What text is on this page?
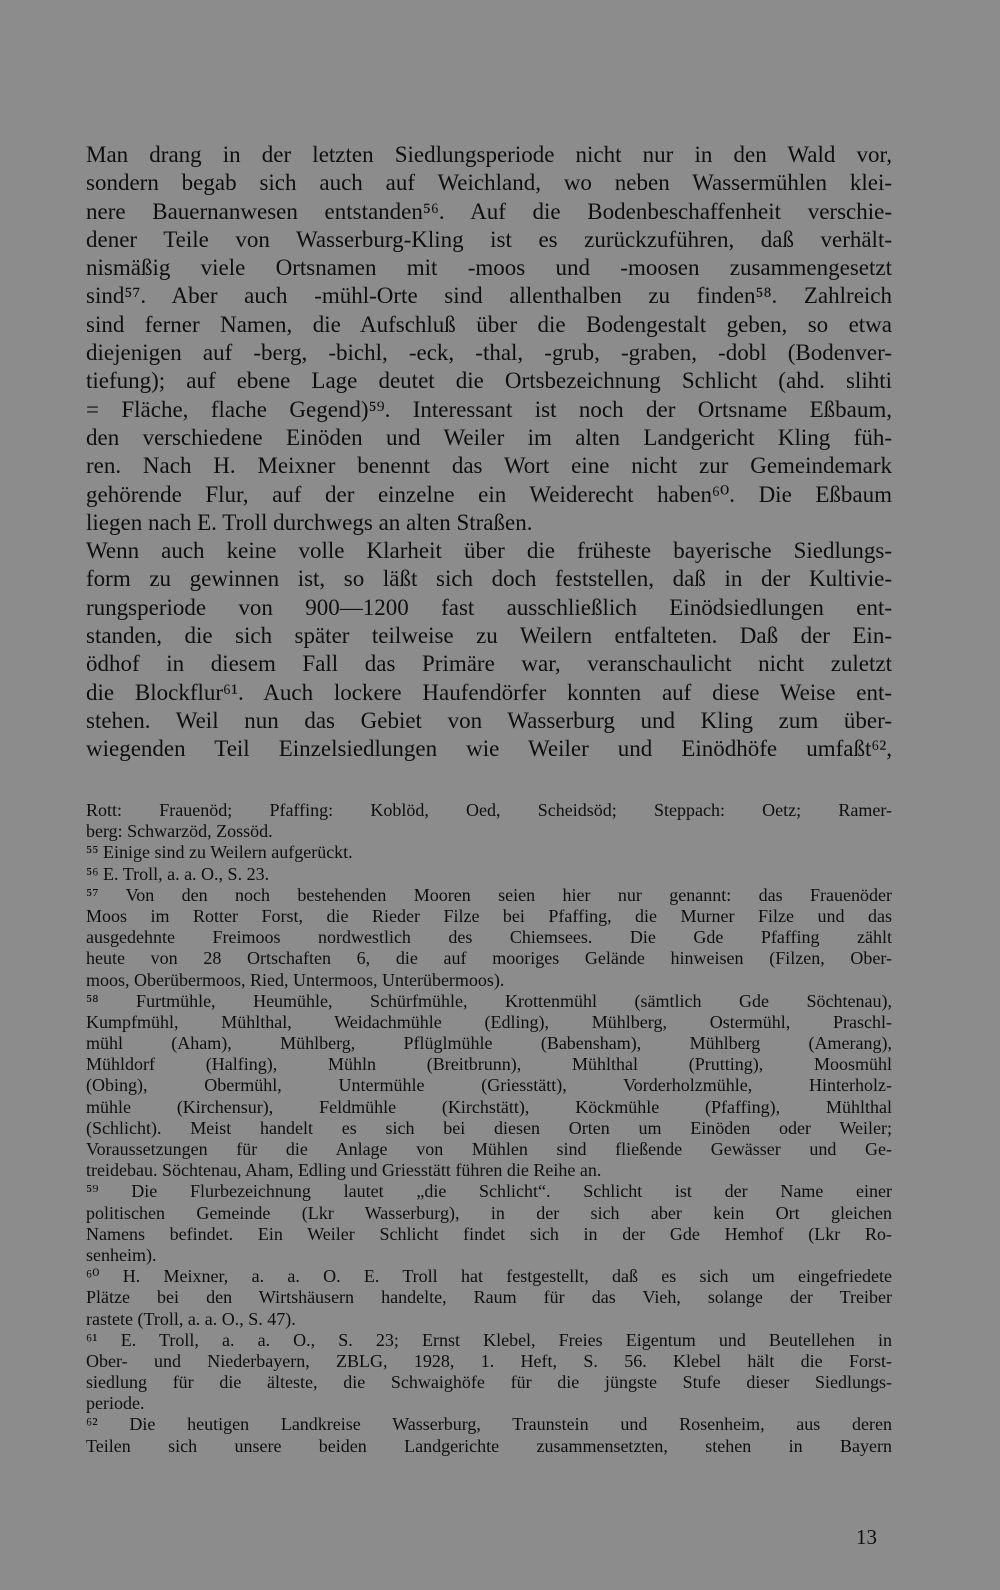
Man drang in der letzten Siedlungsperiode nicht nur in den Wald vor,
sondern begab sich auch auf Weichland, wo neben Wassermühlen klei-
nere Bauernanwesen entstanden⁵⁶. Auf die Bodenbeschaffenheit verschie-
dener Teile von Wasserburg-Kling ist es zurückzuführen, daß verhält-
nismäßig viele Ortsnamen mit -moos und -moosen zusammengesetzt
sind⁵⁷. Aber auch -mühl-Orte sind allenthalben zu finden⁵⁸. Zahlreich
sind ferner Namen, die Aufschluß über die Bodengestalt geben, so etwa
diejenigen auf -berg, -bichl, -eck, -thal, -grub, -graben, -dobl (Bodenver-
tiefung); auf ebene Lage deutet die Ortsbezeichnung Schlicht (ahd. slihti
= Fläche, flache Gegend)⁵⁹. Interessant ist noch der Ortsname Eßbaum,
den verschiedene Einöden und Weiler im alten Landgericht Kling füh-
ren. Nach H. Meixner benennt das Wort eine nicht zur Gemeindemark
gehörende Flur, auf der einzelne ein Weiderecht haben⁶⁰. Die Eßbaum
liegen nach E. Troll durchwegs an alten Straßen.
Wenn auch keine volle Klarheit über die früheste bayerische Siedlungs-
form zu gewinnen ist, so läßt sich doch feststellen, daß in der Kultivie-
rungsperiode von 900—1200 fast ausschließlich Einödsiedlungen ent-
standen, die sich später teilweise zu Weilern entfalteten. Daß der Ein-
ödhof in diesem Fall das Primäre war, veranschaulicht nicht zuletzt
die Blockflur⁶¹. Auch lockere Haufendörfer konnten auf diese Weise ent-
stehen. Weil nun das Gebiet von Wasserburg und Kling zum über-
wiegenden Teil Einzelsiedlungen wie Weiler und Einödhöfe umfaßt⁶²,
Rott: Frauenöd; Pfaffing: Koblöd, Oed, Scheidsöd; Steppach: Oetz; Ramer-
berg: Schwarzöd, Zossöd.
⁵⁵ Einige sind zu Weilern aufgerückt.
⁵⁶ E. Troll, a. a. O., S. 23.
⁵⁷ Von den noch bestehenden Mooren seien hier nur genannt: das Frauenöder
Moos im Rotter Forst, die Rieder Filze bei Pfaffing, die Murner Filze und das
ausgedehnte Freimoos nordwestlich des Chiemsees. Die Gde Pfaffing zählt
heute von 28 Ortschaften 6, die auf mooriges Gelände hinweisen (Filzen, Ober-
moos, Oberübermoos, Ried, Untermoos, Unterübermoos).
⁵⁸ Furtmühle, Heumühle, Schürfmühle, Krottenmühl (sämtlich Gde Söchtenau),
Kumpfmühl, Mühlthal, Weidachmühle (Edling), Mühlberg, Ostermühl, Praschl-
mühl (Aham), Mühlberg, Pflüglmühle (Babensham), Mühlberg (Amerang),
Mühldorf (Halfing), Mühln (Breitbrunn), Mühlthal (Prutting), Moosmühl
(Obing), Obermühl, Untermühle (Griesstätt), Vorderholzmühle, Hinterholz-
mühle (Kirchensur), Feldmühle (Kirchstätt), Köckmühle (Pfaffing), Mühlthal
(Schlicht). Meist handelt es sich bei diesen Orten um Einöden oder Weiler;
Voraussetzungen für die Anlage von Mühlen sind fließende Gewässer und Ge-
treidebau. Söchtenau, Aham, Edling und Griesstätt führen die Reihe an.
⁵⁹ Die Flurbezeichnung lautet „die Schlicht“. Schlicht ist der Name einer
politischen Gemeinde (Lkr Wasserburg), in der sich aber kein Ort gleichen
Namens befindet. Ein Weiler Schlicht findet sich in der Gde Hemhof (Lkr Ro-
senheim).
⁶⁰ H. Meixner, a. a. O. E. Troll hat festgestellt, daß es sich um eingefriedete
Plätze bei den Wirtshäusern handelte, Raum für das Vieh, solange der Treiber
rastete (Troll, a. a. O., S. 47).
⁶¹ E. Troll, a. a. O., S. 23; Ernst Klebel, Freies Eigentum und Beutellehen in
Ober- und Niederbayern, ZBLG, 1928, 1. Heft, S. 56. Klebel hält die Forst-
siedlung für die älteste, die Schwaighöfe für die jüngste Stufe dieser Siedlungs-
periode.
⁶² Die heutigen Landkreise Wasserburg, Traunstein und Rosenheim, aus deren
Teilen sich unsere beiden Landgerichte zusammensetzten, stehen in Bayern
13
